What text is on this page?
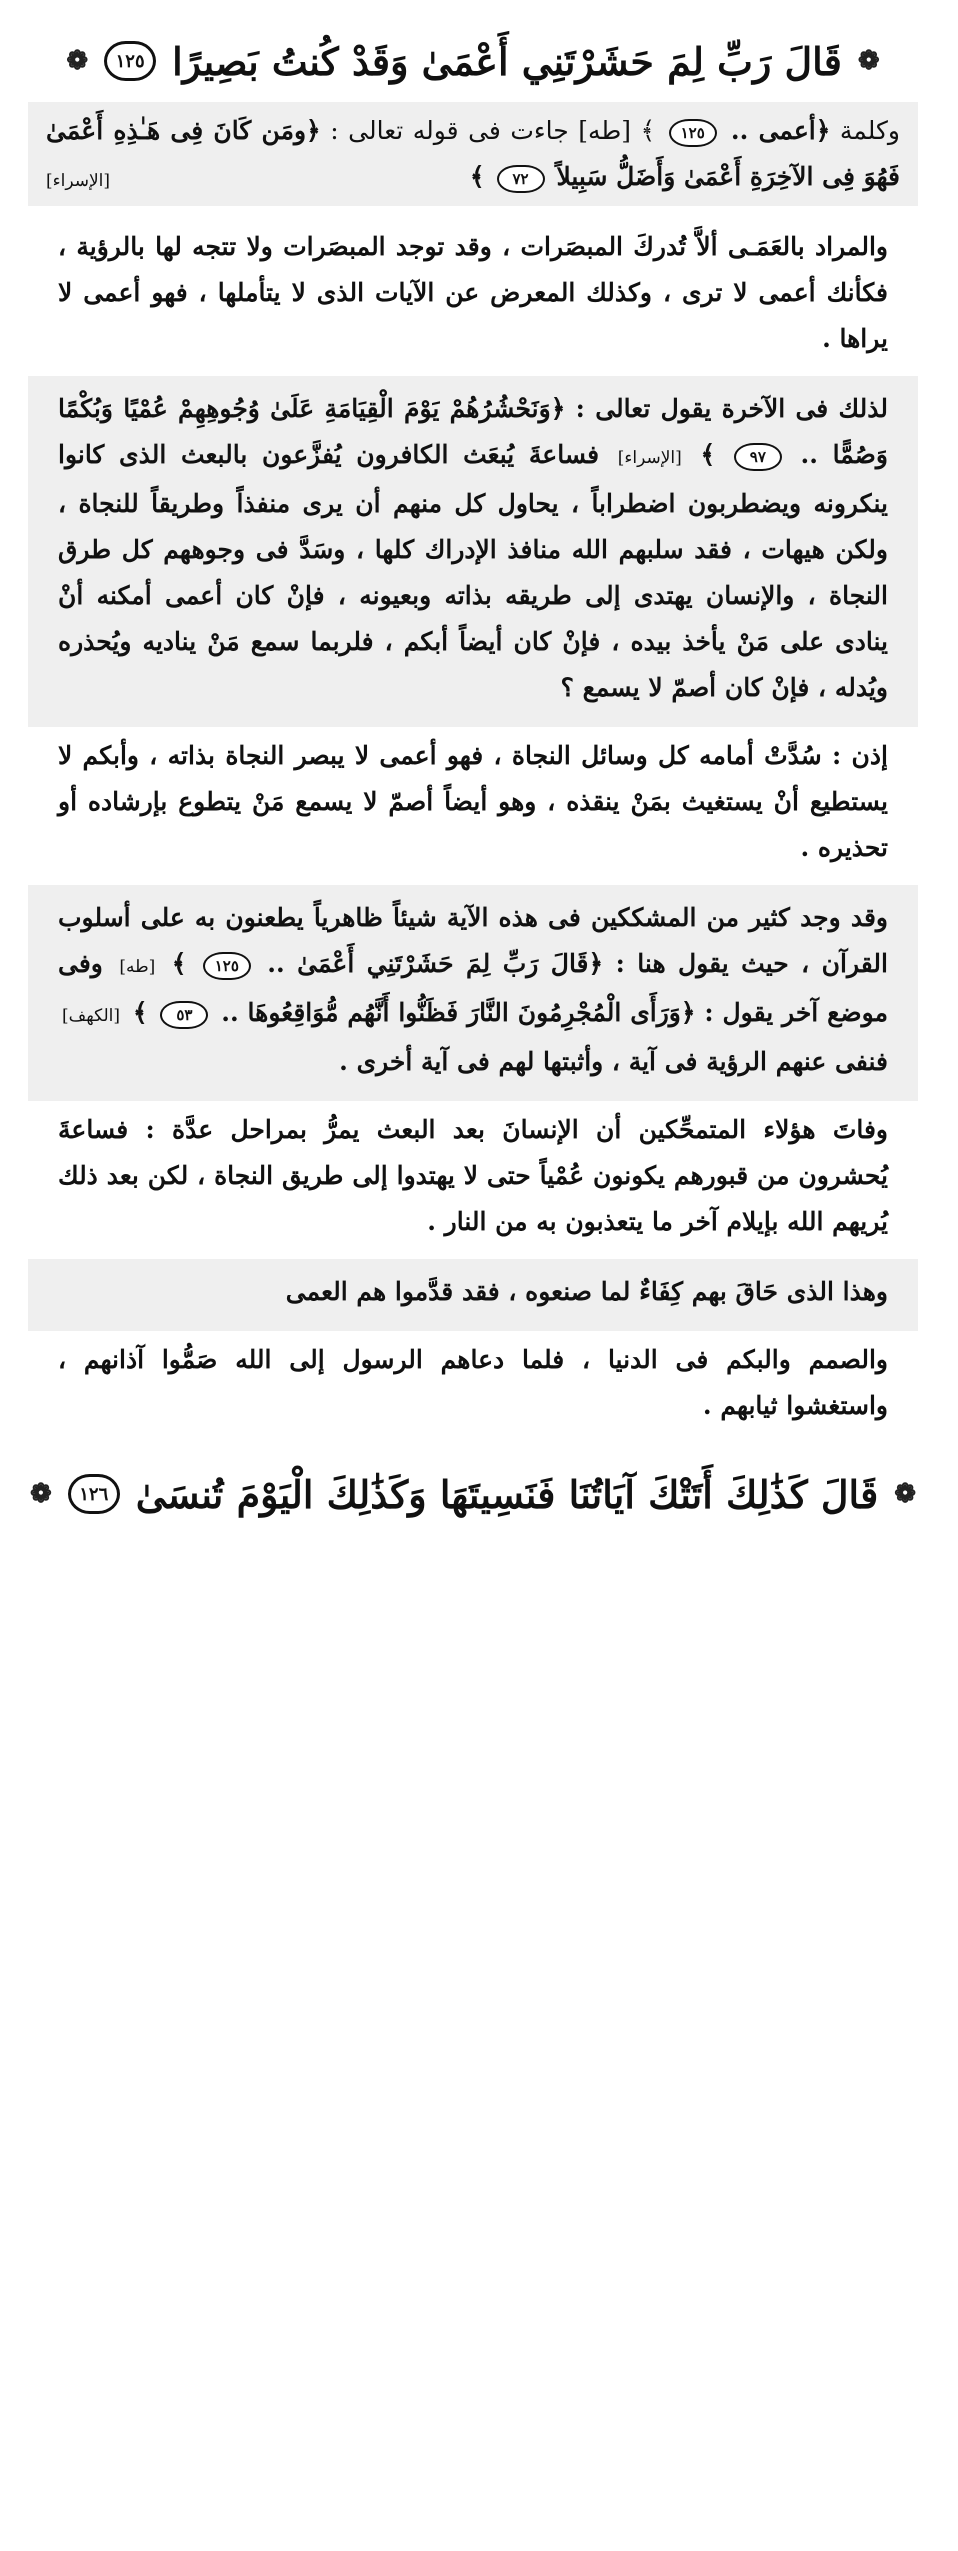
❁
قَالَ رَبِّ لِمَ حَشَرْتَنِي أَعْمَىٰ وَقَدْ كُنتُ بَصِيرًا
١٢٥
❁
وكلمة ﴿أعمى .. ١٢٥ ﴾ [طه] جاءت فى قوله تعالى : ﴿ومَن كَانَ فِى هَـٰذِهِ أَعْمَىٰ فَهُوَ فِى الآخِرَةِ أَعْمَىٰ وَأَضَلُّ سَبِيلاً ٧٢ ﴾
[الإسراء]

والمراد بالعَمَـى ألاَّ تُدركَ المبصَرات ، وقد توجد المبصَرات ولا تتجه لها بالرؤية ، فكأنك أعمى لا ترى ، وكذلك المعرض عن الآيات الذى لا يتأملها ، فهو أعمى لا يراها .

لذلك فى الآخرة يقول تعالى : ﴿وَنَحْشُرُهُمْ يَوْمَ الْقِيَامَةِ عَلَىٰ وُجُوهِهِمْ عُمْيًا وَبُكْمًا وَصُمًّا .. ٩٧ ﴾ [الإسراء] فساعةَ يُبعَث الكافرون يُفزَّعون بالبعث الذى كانوا ينكرونه ويضطربون اضطراباً ، يحاول كل منهم أن يرى منفذاً وطريقاً للنجاة ، ولكن هيهات ، فقد سلبهم الله منافذ الإدراك كلها ، وسَدَّ فى وجوههم كل طرق النجاة ، والإنسان يهتدى إلى طريقه بذاته وبعيونه ، فإنْ كان أعمى أمكنه أنْ ينادى على مَنْ يأخذ بيده ، فإنْ كان أيضاً أبكم ، فلربما سمع مَنْ يناديه ويُحذره ويُدله ، فإنْ كان أصمّ لا يسمع ؟

إذن : سُدَّتْ أمامه كل وسائل النجاة ، فهو أعمى لا يبصر النجاة بذاته ، وأبكم لا يستطيع أنْ يستغيث بمَنْ ينقذه ، وهو أيضاً أصمّ لا يسمع مَنْ يتطوع بإرشاده أو تحذيره .

وقد وجد كثير من المشككين فى هذه الآية شيئاً ظاهرياً يطعنون به على أسلوب القرآن ، حيث يقول هنا : ﴿قَالَ رَبِّ لِمَ حَشَرْتَنِي أَعْمَىٰ .. ١٢٥ ﴾ [طه] وفى موضع آخر يقول : ﴿وَرَأَى الْمُجْرِمُونَ النَّارَ فَظَنُّوا أَنَّهُم مُّوَاقِعُوهَا .. ٥٣ ﴾ [الكهف] فنفى عنهم الرؤية فى آية ، وأثبتها لهم فى آية أخرى .

وفاتَ هؤلاء المتمحِّكين أن الإنسانَ بعد البعث يمرُّ بمراحل عدَّة : فساعةَ يُحشرون من قبورهم يكونون عُمْياً حتى لا يهتدوا إلى طريق النجاة ، لكن بعد ذلك يُريهم الله بإيلام آخر ما يتعذبون به من النار .

وهذا الذى حَاقَ بهم كِفَاءٌ لما صنعوه ، فقد قدَّموا هم العمى

والصمم والبكم فى الدنيا ، فلما دعاهم الرسول إلى الله صَمُّوا آذانهم ، واستغشوا ثيابهم .

❁
قَالَ كَذَٰلِكَ أَتَتْكَ آيَاتُنَا فَنَسِيتَهَا وَكَذَٰلِكَ الْيَوْمَ تُنسَىٰ
١٢٦
❁
